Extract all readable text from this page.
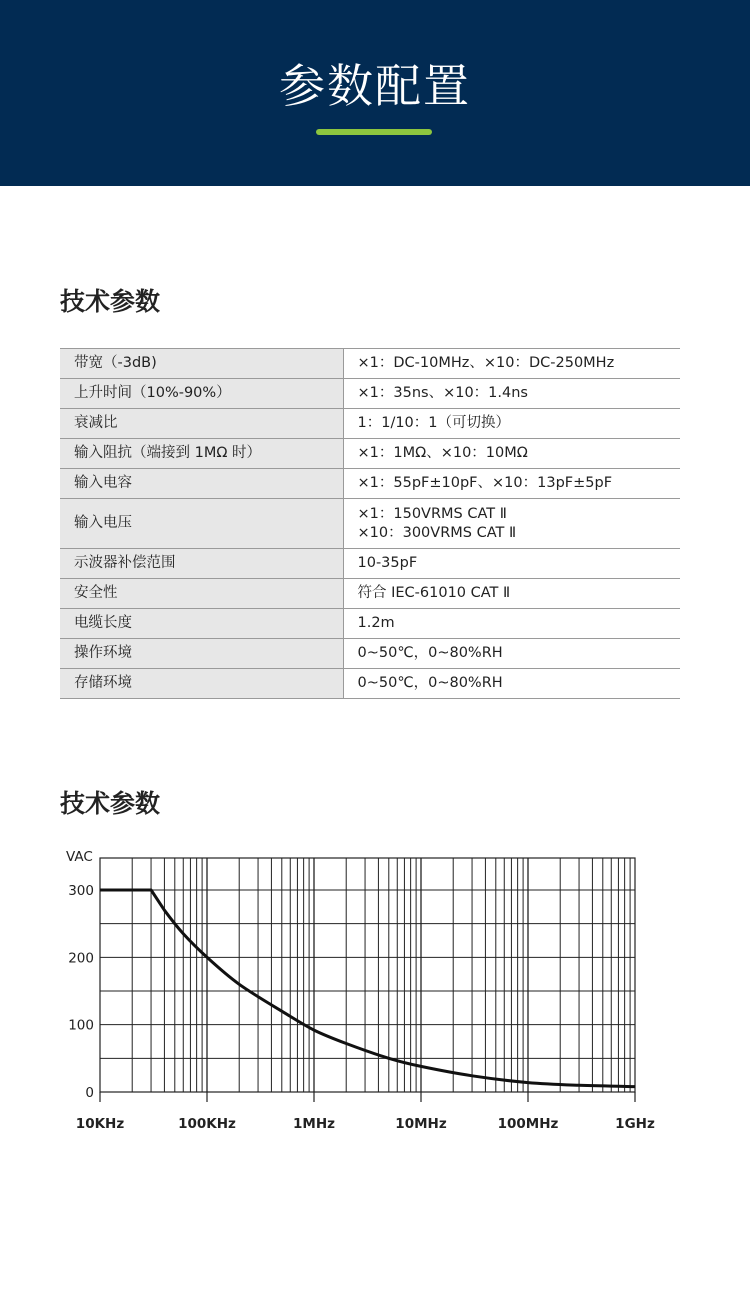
参数配置
技术参数
带宽（-3dB)	×1：DC-10MHz、×10：DC-250MHz

上升时间（10%-90%）	×1：35ns、×10：1.4ns

衰减比	1：1/10：1（可切换）

输入阻抗（端接到 1MΩ 时）	×1：1MΩ、×10：10MΩ

输入电容	×1：55pF±10pF、×10：13pF±5pF

输入电压	×1：150VRMS CAT Ⅱ
×10：300VRMS CAT Ⅱ

示波器补偿范围	10-35pF

安全性	符合 IEC-61010 CAT Ⅱ

电缆长度	1.2m

操作环境	0~50℃，0~80%RH

存储环境	0~50℃，0~80%RH
技术参数
0
100
200
300
VAC
10KHz	100KHz	1MHz	10MHz	100MHz	1GHz
